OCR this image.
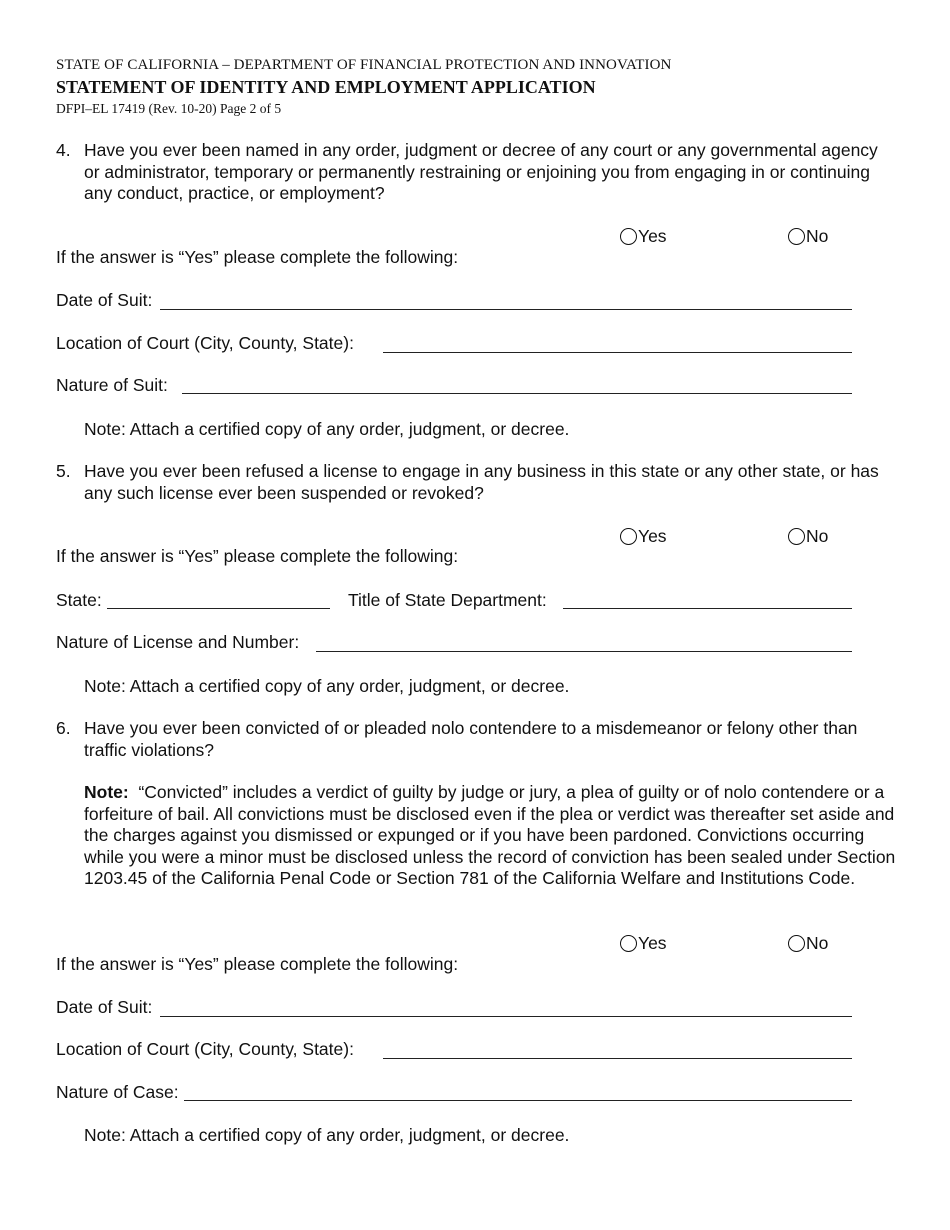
STATE OF CALIFORNIA – DEPARTMENT OF FINANCIAL PROTECTION AND INNOVATION
STATEMENT OF IDENTITY AND EMPLOYMENT APPLICATION
DFPI–EL 17419 (Rev. 10-20) Page 2 of 5
4. Have you ever been named in any order, judgment or decree of any court or any governmental agency or administrator, temporary or permanently restraining or enjoining you from engaging in or continuing any conduct, practice, or employment?
Yes	No
If the answer is “Yes” please complete the following:
Date of Suit:
Location of Court (City, County, State):
Nature of Suit:
Note: Attach a certified copy of any order, judgment, or decree.
5. Have you ever been refused a license to engage in any business in this state or any other state, or has any such license ever been suspended or revoked?
Yes	No
If the answer is “Yes” please complete the following:
State:	Title of State Department:
Nature of License and Number:
Note: Attach a certified copy of any order, judgment, or decree.
6. Have you ever been convicted of or pleaded nolo contendere to a misdemeanor or felony other than traffic violations?
Note: “Convicted” includes a verdict of guilty by judge or jury, a plea of guilty or of nolo contendere or a forfeiture of bail. All convictions must be disclosed even if the plea or verdict was thereafter set aside and the charges against you dismissed or expunged or if you have been pardoned. Convictions occurring while you were a minor must be disclosed unless the record of conviction has been sealed under Section 1203.45 of the California Penal Code or Section 781 of the California Welfare and Institutions Code.
Yes	No
If the answer is “Yes” please complete the following:
Date of Suit:
Location of Court (City, County, State):
Nature of Case:
Note: Attach a certified copy of any order, judgment, or decree.
